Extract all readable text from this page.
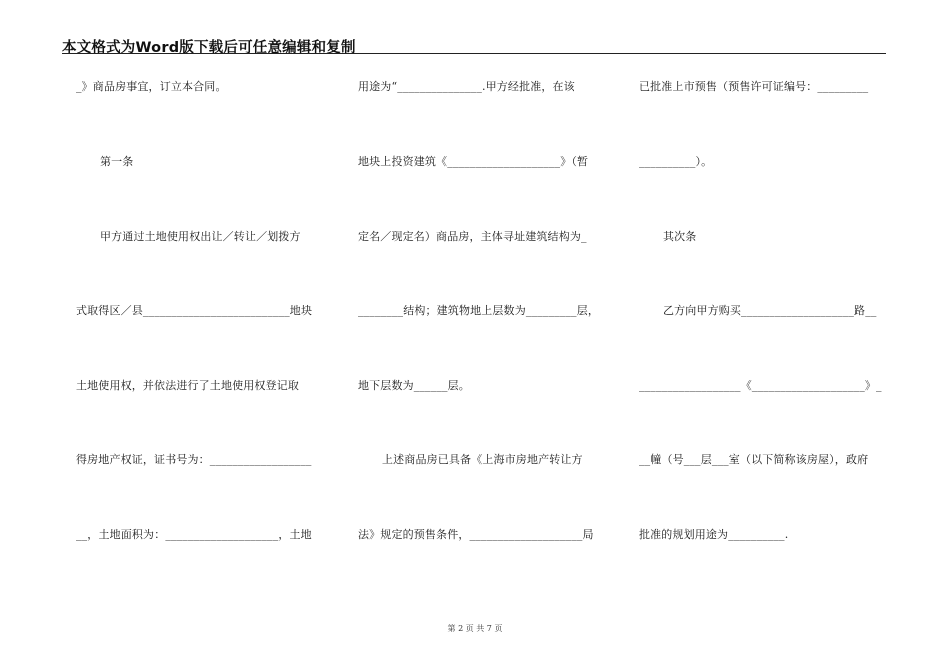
本文格式为Word版下载后可任意编辑和复制
_》商品房事宜，订立本合同。
第一条
甲方通过土地使用权出让／转让／划拨方
式取得区／县__________________________地块
土地使用权，并依法进行了土地使用权登记取
得房地产权证，证书号为：__________________
__，土地面积为：____________________，土地
用途为“_______________.甲方经批准，在该
地块上投资建筑《____________________》（暂
定名／现定名）商品房，主体寻址建筑结构为_
________结构；建筑物地上层数为_________层，
地下层数为______层。
上述商品房已具备《上海市房地产转让方
法》规定的预售条件，____________________局
已批准上市预售（预售许可证编号：_________
__________）。
其次条
乙方向甲方购买____________________路__
__________________《____________________》_
__幢（号___层___室（以下简称该房屋），政府
批准的规划用途为__________.
第 2 页 共 7 页
